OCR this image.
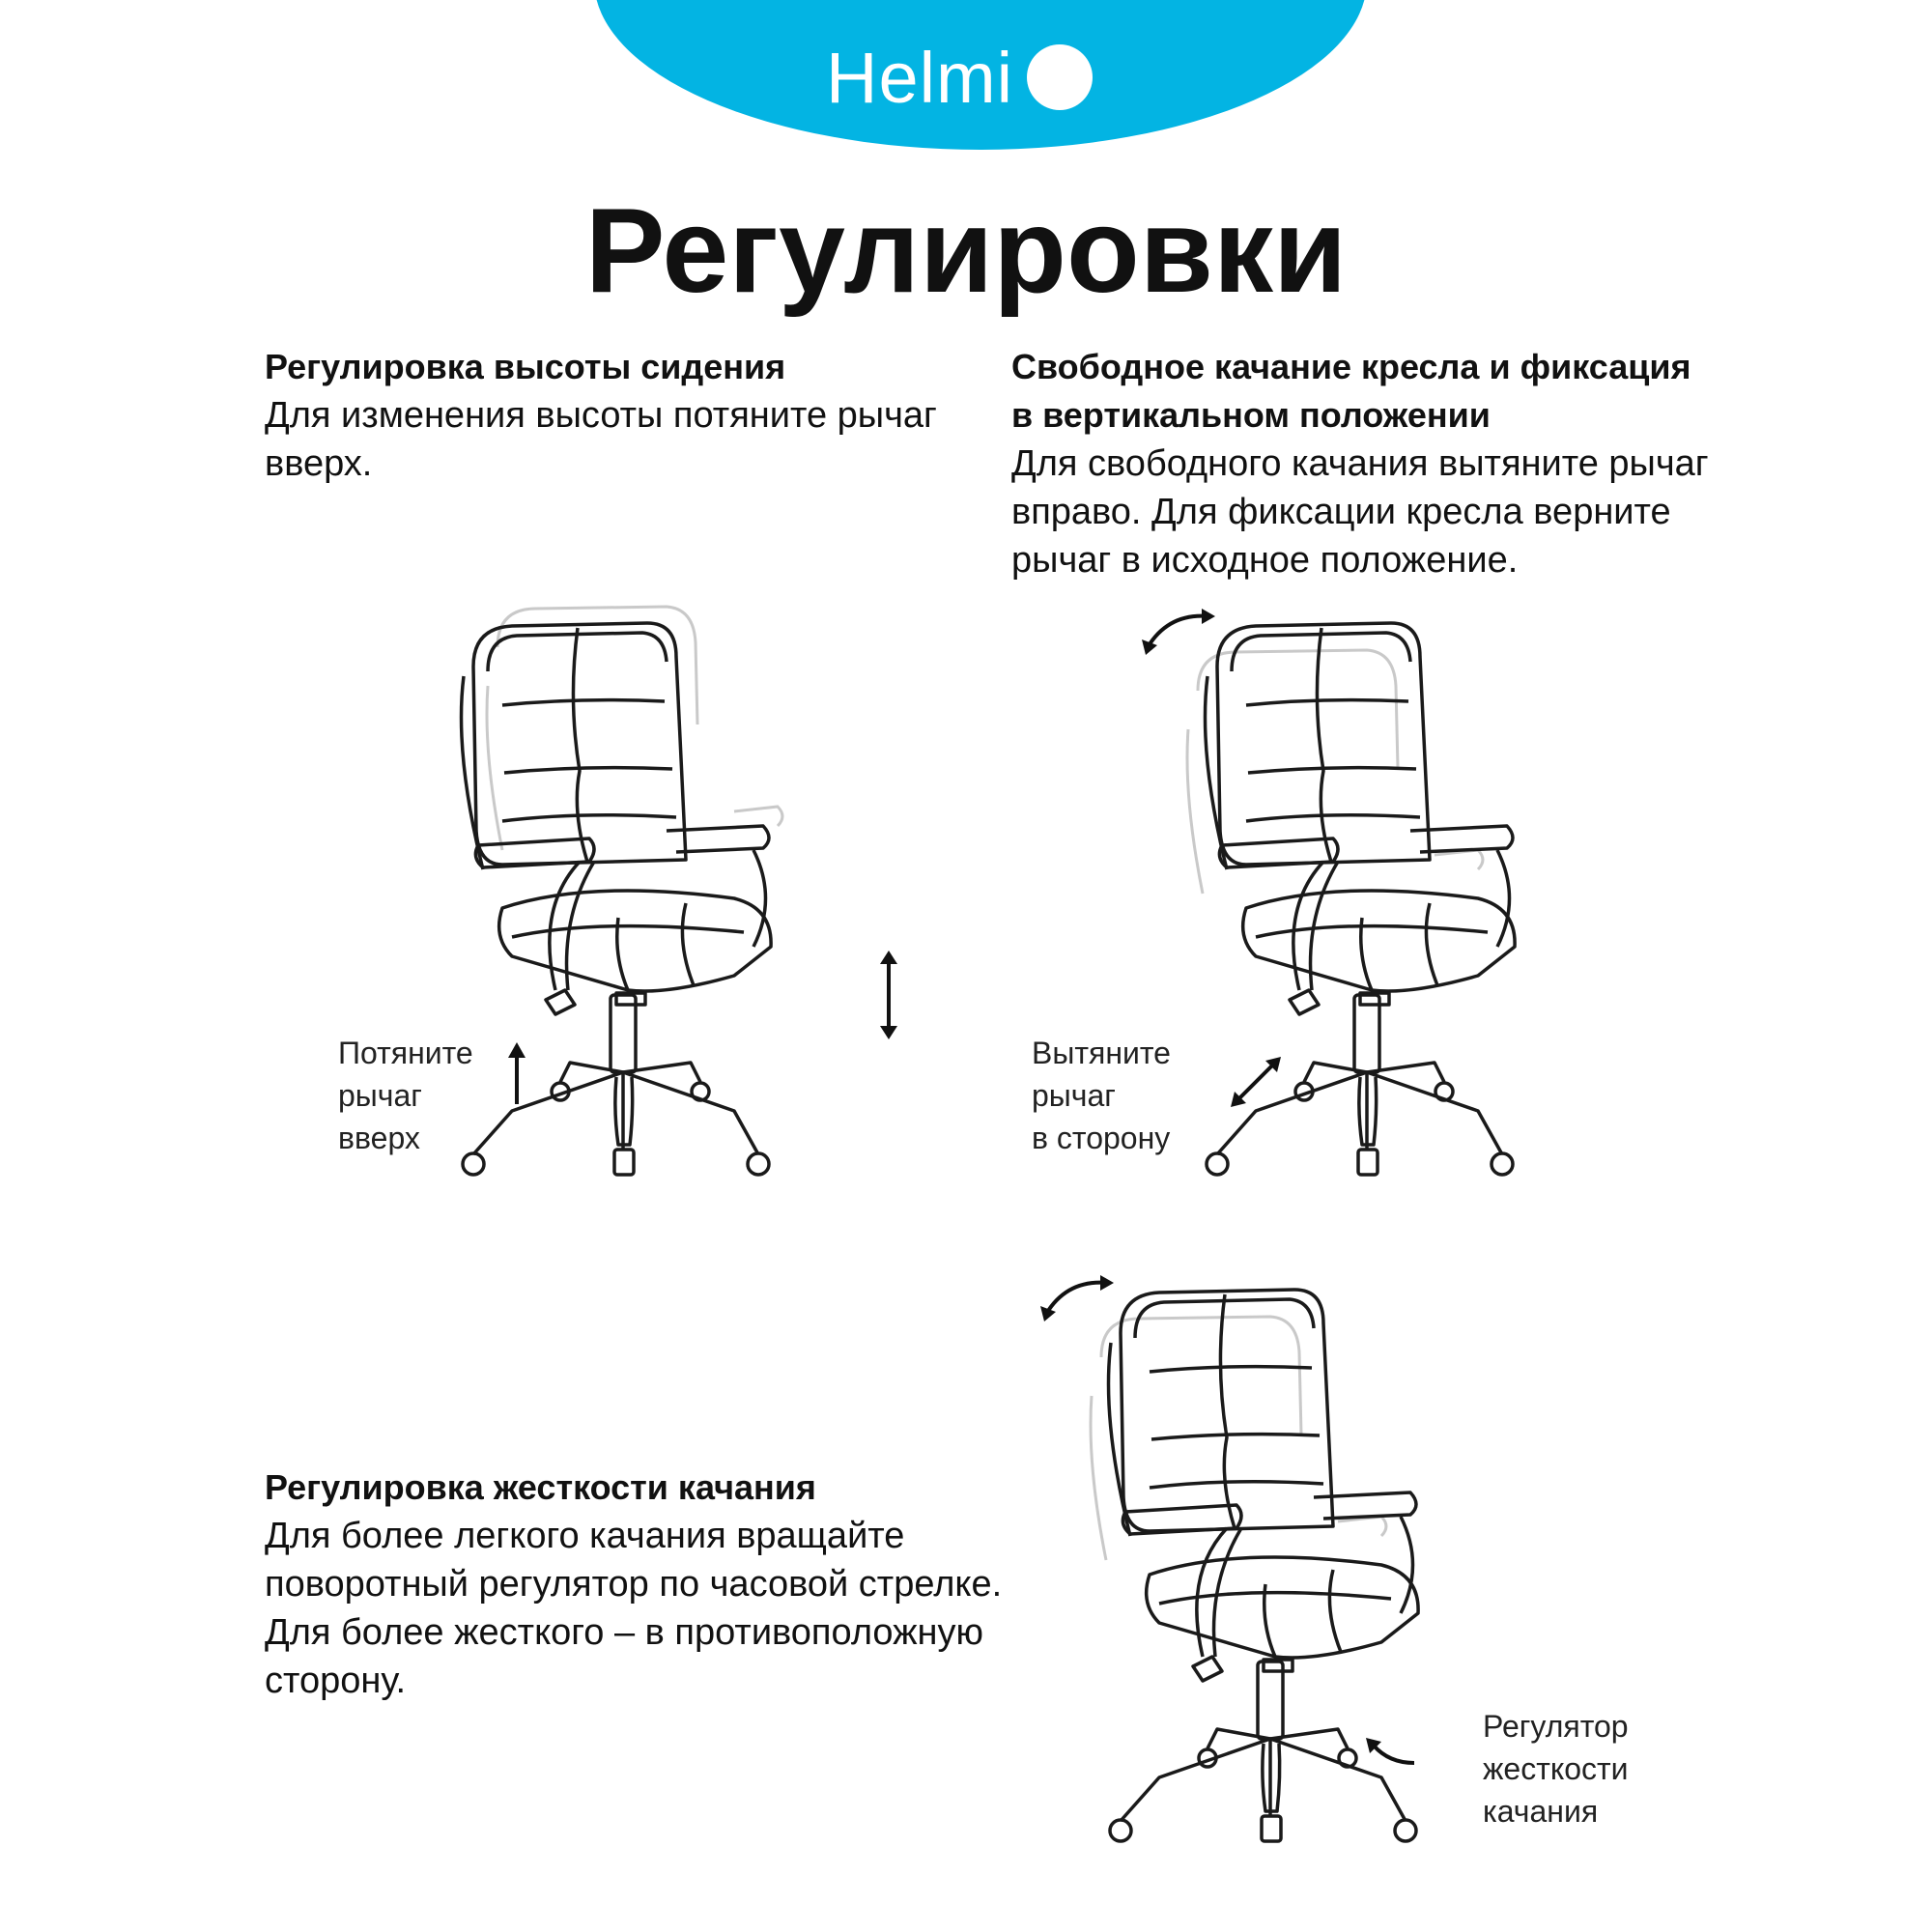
Helmi
Регулировки
Регулировка высоты сидения

Для изменения высоты потяните рычаг

вверх.

Свободное качание кресла и фиксация
в вертикальном положении

Для свободного качания вытяните рычаг

вправо. Для фиксации кресла верните

рычаг в исходное положение.

Регулировка жесткости качания

Для более легкого качания вращайте

поворотный регулятор по часовой стрелке.

Для более жесткого – в противоположную

сторону.

Потяните
рычаг
вверх
Вытяните
рычаг
в сторону
Регулятор
жесткости
качания
